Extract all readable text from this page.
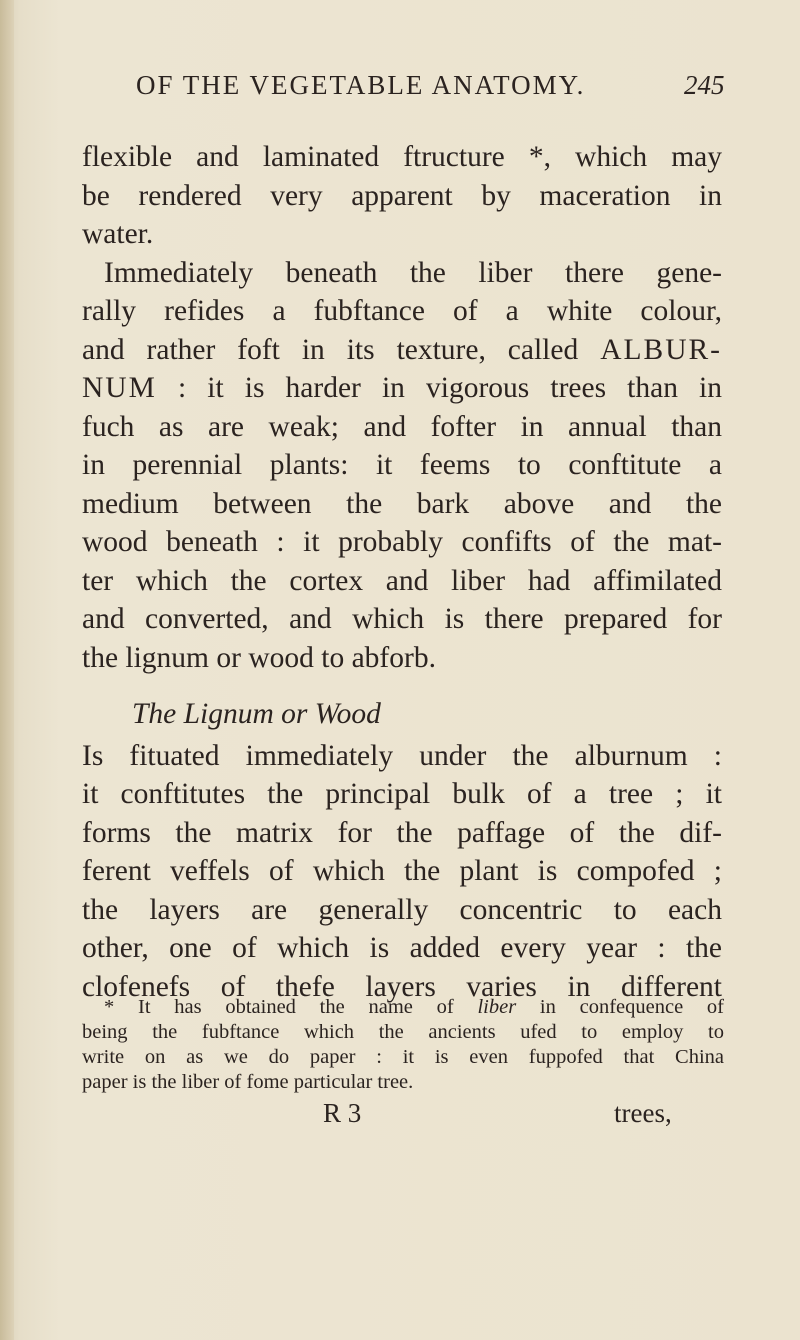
OF THE VEGETABLE ANATOMY.	245
flexible and laminated ftructure *, which may
be rendered very apparent by maceration in
water.
Immediately beneath the liber there gene-
rally refides a fubftance of a white colour,
and rather foft in its texture, called ALBUR-
NUM : it is harder in vigorous trees than in
fuch as are weak; and fofter in annual than
in perennial plants: it feems to conftitute a
medium between the bark above and the
wood beneath : it probably confifts of the mat-
ter which the cortex and liber had affimilated
and converted, and which is there prepared for
the lignum or wood to abforb.
The Lignum or Wood
Is fituated immediately under the alburnum :
it conftitutes the principal bulk of a tree ; it
forms the matrix for the paffage of the dif-
ferent veffels of which the plant is compofed ;
the layers are generally concentric to each
other, one of which is added every year : the
clofenefs of thefe layers varies in different
* It has obtained the name of liber in confequence of
being the fubftance which the ancients ufed to employ to
write on as we do paper : it is even fuppofed that China
paper is the liber of fome particular tree.
R 3	trees,
